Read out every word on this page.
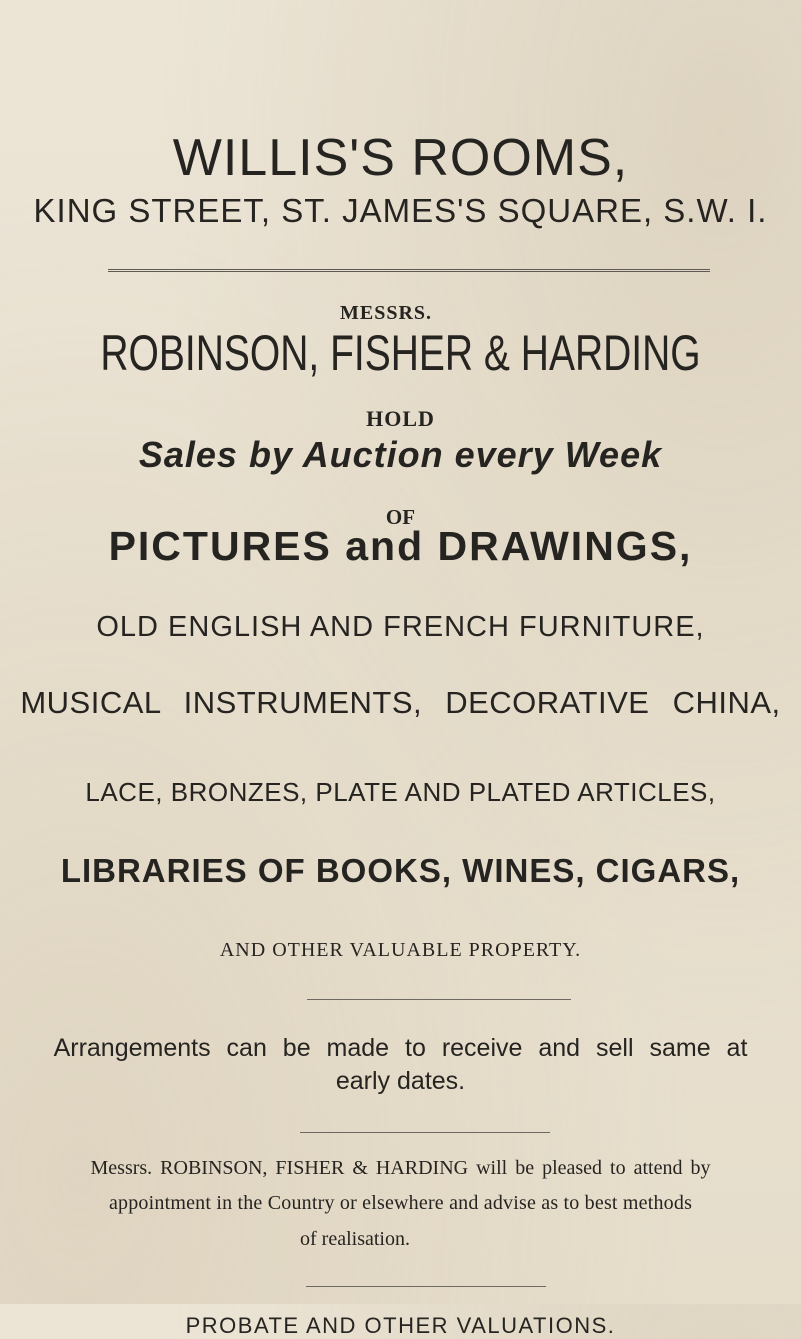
WILLIS'S ROOMS,
KING STREET, ST. JAMES'S SQUARE, S.W. I.
MESSRS.
ROBINSON, FISHER & HARDING
HOLD
Sales by Auction every Week
OF
PICTURES and DRAWINGS,
OLD ENGLISH AND FRENCH FURNITURE,
MUSICAL INSTRUMENTS, DECORATIVE CHINA,
LACE, BRONZES, PLATE AND PLATED ARTICLES,
LIBRARIES OF BOOKS, WINES, CIGARS,
AND OTHER VALUABLE PROPERTY.
Arrangements can be made to receive and sell same at
early dates.
Messrs. ROBINSON, FISHER & HARDING will be pleased to attend by
appointment in the Country or elsewhere and advise as to best methods
of realisation.
PROBATE AND OTHER VALUATIONS.
